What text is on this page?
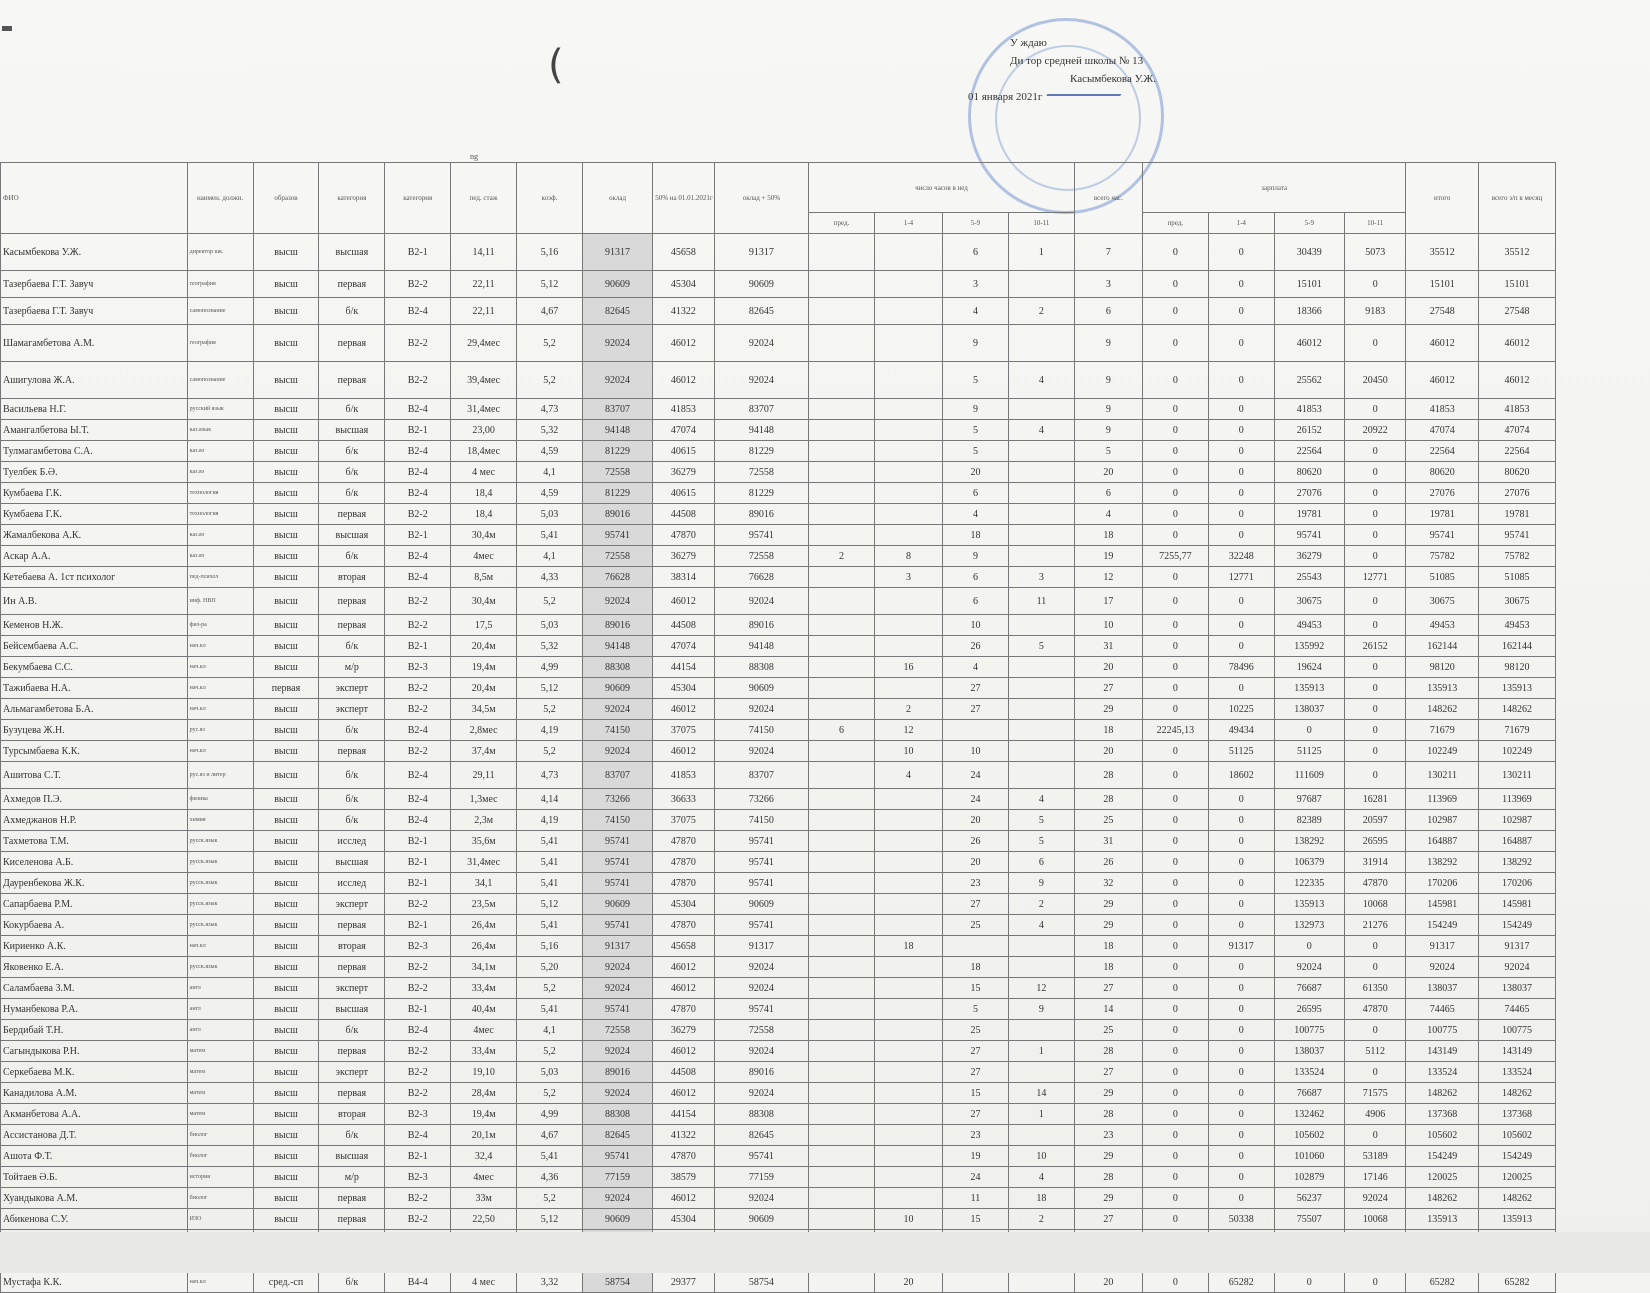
(	У ждаю
Ди тор средней школы № 13
Касымбекова У.Ж.
01 января 2021г
ng
ФИО	наимен. должн.	образов	категория	категория	пед. стаж	коэф.	оклад	50% на 01.01.2021г	оклад + 50%	число часов в нед				всего час.	зарплата				итого	всего з/п в месяц
										пред.	1-4	5-9	10-11		пред.	1-4	5-9	10-11		
Касымбекова У.Ж.	директор шк.	высш	высшая	В2-1	14,11	5,16	91317	45658	91317			6	1	7	0	0	30439	5073	35512	35512
Тазербаева Г.Т. Завуч	география	высш	первая	В2-2	22,11	5,12	90609	45304	90609			3		3	0	0	15101	0	15101	15101
Тазербаева Г.Т. Завуч	самопознание	высш	б/к	В2-4	22,11	4,67	82645	41322	82645			4	2	6	0	0	18366	9183	27548	27548
Шамагамбетова А.М.	география	высш	первая	В2-2	29,4мес	5,2	92024	46012	92024			9		9	0	0	46012	0	46012	46012
Ашигулова Ж.А.	самопознание	высш	первая	В2-2	39,4мес	5,2	92024	46012	92024			5	4	9	0	0	25562	20450	46012	46012
Васильева Н.Г.	русский язык	высш	б/к	В2-4	31,4мес	4,73	83707	41853	83707			9		9	0	0	41853	0	41853	41853
Амангалбетова Ы.Т.	каз.язык	высш	высшая	В2-1	23,00	5,32	94148	47074	94148			5	4	9	0	0	26152	20922	47074	47074
Тулмагамбетова С.А.	каз.яз	высш	б/к	В2-4	18,4мес	4,59	81229	40615	81229			5		5	0	0	22564	0	22564	22564
Туелбек Б.Ә.	каз.яз	высш	б/к	В2-4	4 мес	4,1	72558	36279	72558			20		20	0	0	80620	0	80620	80620
Кумбаева Г.К.	технология	высш	б/к	В2-4	18,4	4,59	81229	40615	81229			6		6	0	0	27076	0	27076	27076
Кумбаева Г.К.	технология	высш	первая	В2-2	18,4	5,03	89016	44508	89016			4		4	0	0	19781	0	19781	19781
Жамалбекова А.К.	каз.яз	высш	высшая	В2-1	30,4м	5,41	95741	47870	95741			18		18	0	0	95741	0	95741	95741
Аскар А.А.	каз.яз	высш	б/к	В2-4	4мес	4,1	72558	36279	72558	2	8	9		19	7255,77	32248	36279	0	75782	75782
Кетебаева А. 1ст психолог	пед-психол	высш	вторая	В2-4	8,5м	4,33	76628	38314	76628		3	6	3	12	0	12771	25543	12771	51085	51085
Ин А.В.	инф. НВП	высш	первая	В2-2	30,4м	5,2	92024	46012	92024			6	11	17	0	0	30675	0	30675	30675
Кеменов Н.Ж.	физ-ра	высш	первая	В2-2	17,5	5,03	89016	44508	89016			10		10	0	0	49453	0	49453	49453
Бейсембаева А.С.	нач.кл	высш	б/к	В2-1	20,4м	5,32	94148	47074	94148			26	5	31	0	0	135992	26152	162144	162144
Бекумбаева С.С.	нач.кл	высш	м/р	В2-3	19,4м	4,99	88308	44154	88308		16	4		20	0	78496	19624	0	98120	98120
Тажибаева Н.А.	нач.кл	первая	эксперт	В2-2	20,4м	5,12	90609	45304	90609			27		27	0	0	135913	0	135913	135913
Альмагамбетова Б.А.	нач.кл	высш	эксперт	В2-2	34,5м	5,2	92024	46012	92024		2	27		29	0	10225	138037	0	148262	148262
Бузуцева Ж.Н.	рус.яз	высш	б/к	В2-4	2,8мес	4,19	74150	37075	74150	6	12			18	22245,13	49434	0	0	71679	71679
Турсымбаева К.К.	нач.кл	высш	первая	В2-2	37,4м	5,2	92024	46012	92024		10	10		20	0	51125	51125	0	102249	102249
Ашитова С.Т.	рус.яз и литер	высш	б/к	В2-4	29,11	4,73	83707	41853	83707		4	24		28	0	18602	111609	0	130211	130211
Ахмедов П.Э.	физика	высш	б/к	В2-4	1,3мес	4,14	73266	36633	73266			24	4	28	0	0	97687	16281	113969	113969
Ахмеджанов Н.Р.	химия	высш	б/к	В2-4	2,3м	4,19	74150	37075	74150			20	5	25	0	0	82389	20597	102987	102987
Тахметова Т.М.	русск.язык	высш	исслед	В2-1	35,6м	5,41	95741	47870	95741			26	5	31	0	0	138292	26595	164887	164887
Киселенова А.Б.	русск.язык	высш	высшая	В2-1	31,4мес	5,41	95741	47870	95741			20	6	26	0	0	106379	31914	138292	138292
Дауренбекова Ж.К.	русск.язык	высш	исслед	В2-1	34,1	5,41	95741	47870	95741			23	9	32	0	0	122335	47870	170206	170206
Сапарбаева Р.М.	русск.язык	высш	эксперт	В2-2	23,5м	5,12	90609	45304	90609			27	2	29	0	0	135913	10068	145981	145981
Кокурбаева А.	русск.язык	высш	первая	В2-1	26,4м	5,41	95741	47870	95741			25	4	29	0	0	132973	21276	154249	154249
Кириенко А.К.	нач.кл	высш	вторая	В2-3	26,4м	5,16	91317	45658	91317		18			18	0	91317	0	0	91317	91317
Яковенко Е.А.	русск.язык	высш	первая	В2-2	34,1м	5,20	92024	46012	92024			18		18	0	0	92024	0	92024	92024
Саламбаева З.М.	англ	высш	эксперт	В2-2	33,4м	5,2	92024	46012	92024			15	12	27	0	0	76687	61350	138037	138037
Нуманбекова Р.А.	англ	высш	высшая	В2-1	40,4м	5,41	95741	47870	95741			5	9	14	0	0	26595	47870	74465	74465
Бердибай Т.Н.	англ	высш	б/к	В2-4	4мес	4,1	72558	36279	72558			25		25	0	0	100775	0	100775	100775
Сагындыкова Р.Н.	матем	высш	первая	В2-2	33,4м	5,2	92024	46012	92024			27	1	28	0	0	138037	5112	143149	143149
Серкебаева М.К.	матем	высш	эксперт	В2-2	19,10	5,03	89016	44508	89016			27		27	0	0	133524	0	133524	133524
Канадилова А.М.	матем	высш	первая	В2-2	28,4м	5,2	92024	46012	92024			15	14	29	0	0	76687	71575	148262	148262
Акманбетова А.А.	матем	высш	вторая	В2-3	19,4м	4,99	88308	44154	88308			27	1	28	0	0	132462	4906	137368	137368
Ассистанова Д.Т.	биолог	высш	б/к	В2-4	20,1м	4,67	82645	41322	82645			23		23	0	0	105602	0	105602	105602
Ашота Ф.Т.	биолог	высш	высшая	В2-1	32,4	5,41	95741	47870	95741			19	10	29	0	0	101060	53189	154249	154249
Тойтаев Ә.Б.	история	высш	м/р	В2-3	4мес	4,36	77159	38579	77159			24	4	28	0	0	102879	17146	120025	120025
Хуандыкова А.М.	биолог	высш	первая	В2-2	33м	5,2	92024	46012	92024			11	18	29	0	0	56237	92024	148262	148262
Абикенова С.У.	ИЗО	высш	первая	В2-2	22,50	5,12	90609	45304	90609		10	15	2	27	0	50338	75507	10068	135913	135913

Мустафа К.К.	нач.кл	сред.-сп	б/к	В4-4	4 мес	3,32	58754	29377	58754		20			20	0	65282	0	0	65282	65282
